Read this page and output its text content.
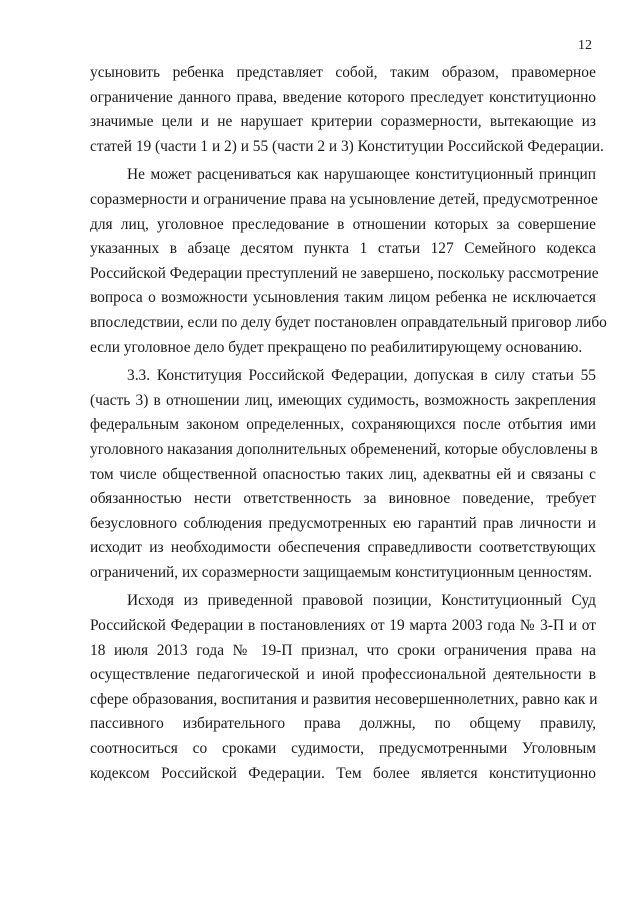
12
усыновить ребенка представляет собой, таким образом, правомерное
ограничение данного права, введение которого преследует конституционно
значимые цели и не нарушает критерии соразмерности, вытекающие из
статей 19 (части 1 и 2) и 55 (части 2 и 3) Конституции Российской Федерации.
Не может расцениваться как нарушающее конституционный принцип
соразмерности и ограничение права на усыновление детей, предусмотренное
для лиц, уголовное преследование в отношении которых за совершение
указанных в абзаце десятом пункта 1 статьи 127 Семейного кодекса
Российской Федерации преступлений не завершено, поскольку рассмотрение
вопроса о возможности усыновления таким лицом ребенка не исключается
впоследствии, если по делу будет постановлен оправдательный приговор либо
если уголовное дело будет прекращено по реабилитирующему основанию.
3.3. Конституция Российской Федерации, допуская в силу статьи 55
(часть 3) в отношении лиц, имеющих судимость, возможность закрепления
федеральным законом определенных, сохраняющихся после отбытия ими
уголовного наказания дополнительных обременений, которые обусловлены в
том числе общественной опасностью таких лиц, адекватны ей и связаны с
обязанностью нести ответственность за виновное поведение, требует
безусловного соблюдения предусмотренных ею гарантий прав личности и
исходит из необходимости обеспечения справедливости соответствующих
ограничений, их соразмерности защищаемым конституционным ценностям.
Исходя из приведенной правовой позиции, Конституционный Суд
Российской Федерации в постановлениях от 19 марта 2003 года № 3-П и от
18 июля 2013 года № 19-П признал, что сроки ограничения права на
осуществление педагогической и иной профессиональной деятельности в
сфере образования, воспитания и развития несовершеннолетних, равно как и
пассивного избирательного права должны, по общему правилу,
соотноситься со сроками судимости, предусмотренными Уголовным
кодексом Российской Федерации. Тем более является конституционно
